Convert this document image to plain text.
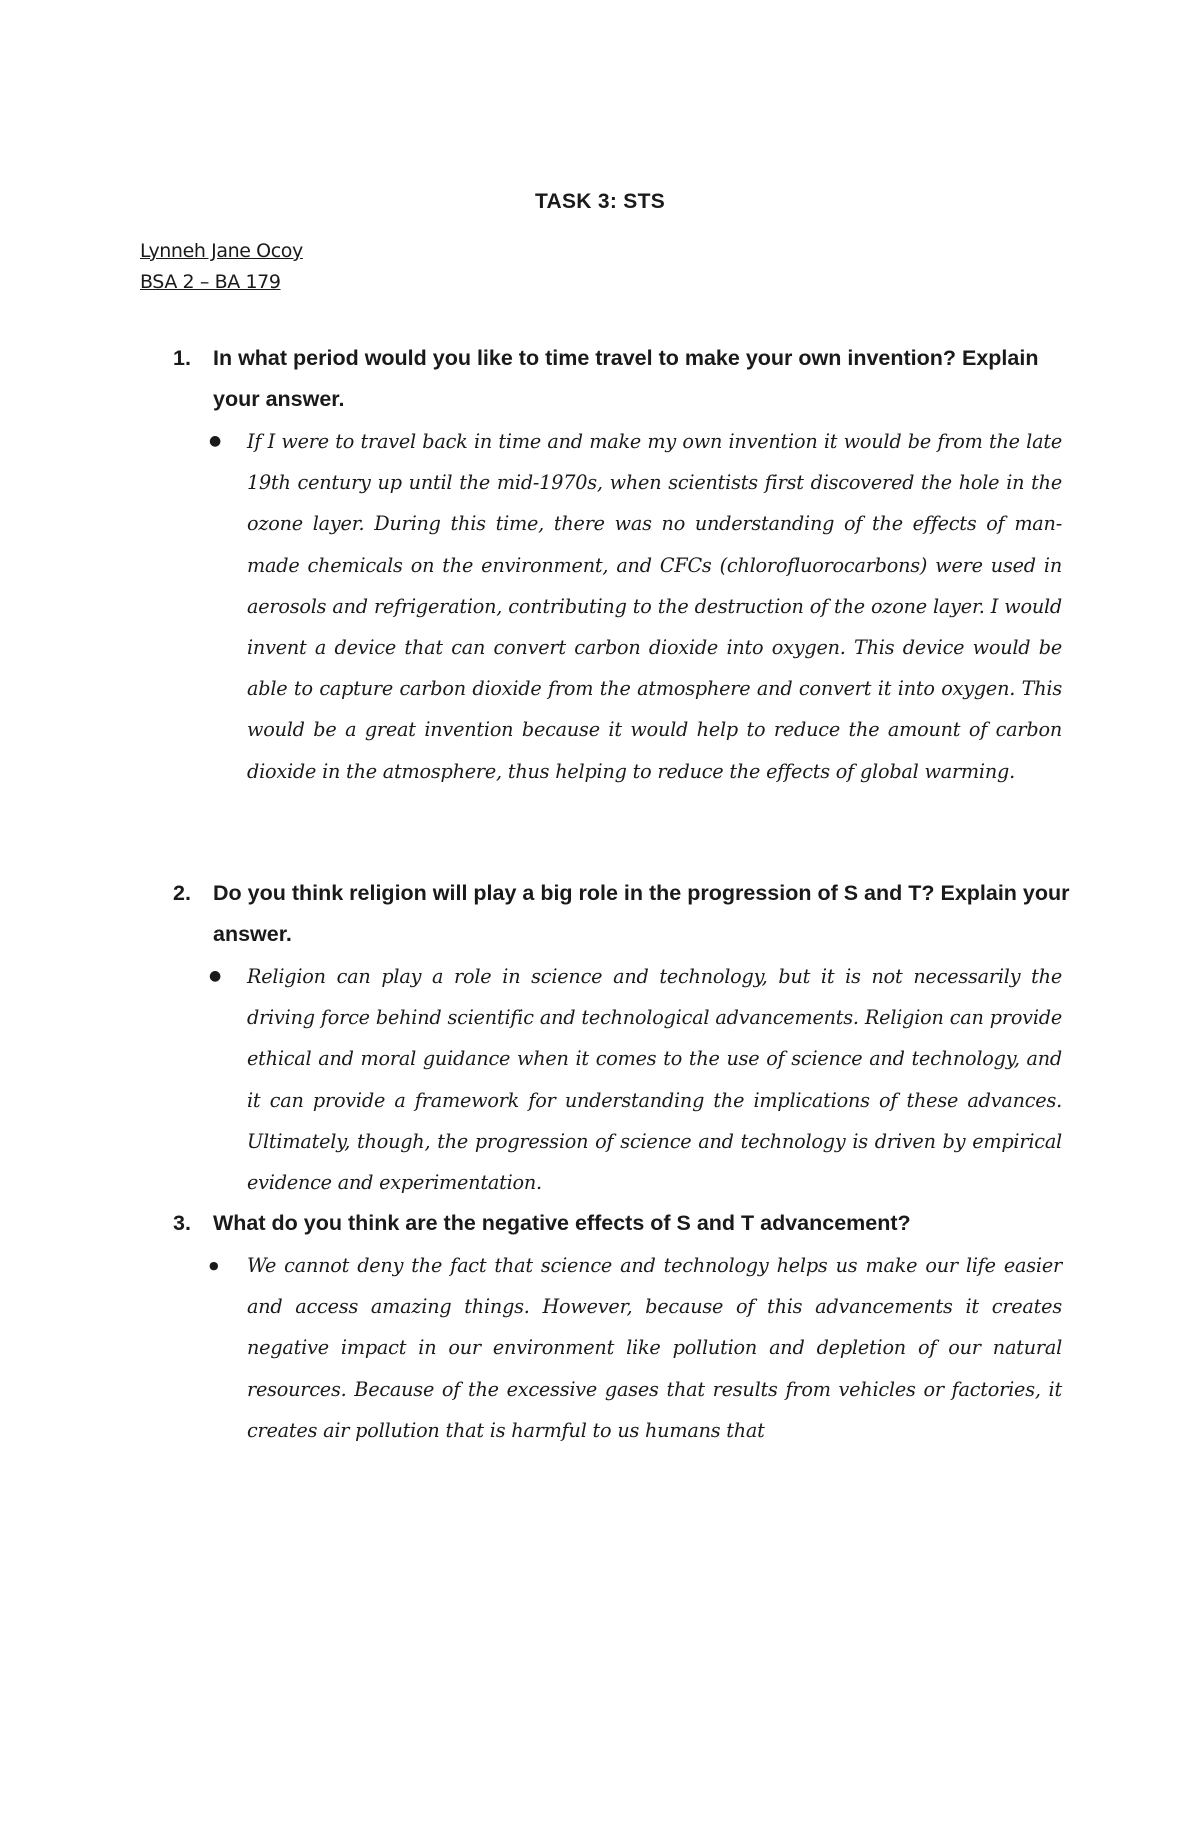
TASK 3: STS
Lynneh Jane Ocoy
BSA 2 – BA 179
1. In what period would you like to time travel to make your own invention? Explain your answer.
● If I were to travel back in time and make my own invention it would be from the late 19th century up until the mid-1970s, when scientists first discovered the hole in the ozone layer. During this time, there was no understanding of the effects of man-made chemicals on the environment, and CFCs (chlorofluorocarbons) were used in aerosols and refrigeration, contributing to the destruction of the ozone layer. I would invent a device that can convert carbon dioxide into oxygen. This device would be able to capture carbon dioxide from the atmosphere and convert it into oxygen. This would be a great invention because it would help to reduce the amount of carbon dioxide in the atmosphere, thus helping to reduce the effects of global warming.

2. Do you think religion will play a big role in the progression of S and T? Explain your answer.
● Religion can play a role in science and technology, but it is not necessarily the driving force behind scientific and technological advancements. Religion can provide ethical and moral guidance when it comes to the use of science and technology, and it can provide a framework for understanding the implications of these advances. Ultimately, though, the progression of science and technology is driven by empirical evidence and experimentation.

3. What do you think are the negative effects of S and T advancement?
● We cannot deny the fact that science and technology helps us make our life easier and access amazing things. However, because of this advancements it creates negative impact in our environment like pollution and depletion of our natural resources. Because of the excessive gases that results from vehicles or factories, it creates air pollution that is harmful to us humans that
